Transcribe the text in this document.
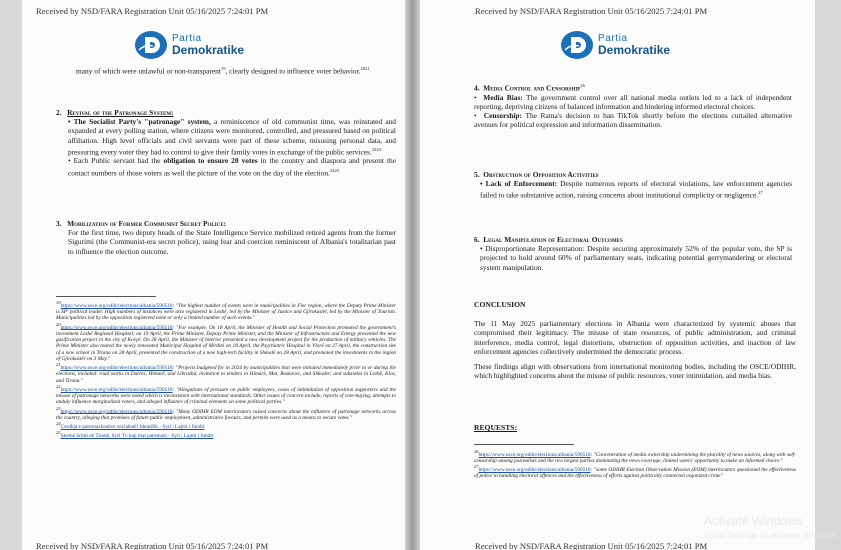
Received by NSD/FARA Registration Unit 05/16/2025 7:24:01 PM
Partia
Demokratike
many of which were unlawful or non-transparent$^{19}$, clearly designed to influence voter behavior.$^{2021}$

2. Revival of the Patronage System:

• The Socialist Party's "patronage" system, a reminiscence of old communist time, was reinstated and expanded at every polling station, where citizens were monitored, controlled, and pressured based on political affiliation. High level officials and civil servants were part of these scheme, misusing personal data, and pressuring every voter they had to control to give their family votes in exchange of the public services.$^{2223}$

• Each Public servant had the obligation to ensure 20 votes in the country and diaspora and present the contact numbers of those voters as well the picture of the vote on the day of the election.$^{2425}$

3. Mobilization of Former Communist Secret Police:

For the first time, two deputy heads of the State Intelligence Service mobilized retired agents from the former Sigurimi (the Communist-era secret police), using fear and coercion reminiscent of Albania's totalitarian past to influence the election outcome.

$^{19}$https://www.osce.org/odihr/elections/albania/590518: "The highest number of events were in municipalities in Fier region, where the Deputy Prime Minister is SP' political leader. High numbers of instances were also registered in Lezhë, led by the Minister of Justice and Gjirokastër, led by the Minister of Tourism. Municipalities led by the opposition registered none or only a limited number of such events."

$^{20}$https://www.osce.org/odihr/elections/albania/590518: "For example, On 18 April, the Minister of Health and Social Protection promoted the government's investment Lezhë Regional Hospital; on 19 April, the Prime Minister, Deputy Prime Minister, and the Minister of Infrastructure and Energy presented the new gasification project in the city of Korçë. On 28 April, the Minister of Interior presented a new development project for the production of military vehicles. The Prime Minister also toured the newly renovated Municipal Hospital of Mirditë on 18 April, the Psychiatric Hospital in Vlorë on 27 April, the construction site of a new school in Tirana on 28 April, presented the construction of a new high-tech facility in Shkodë on 28 April, and promoted the investments in the region of Gjirokastër on 3 May."

$^{21}$https://www.osce.org/odihr/elections/albania/590518: "Projects budgeted for in 2024 by municipalities that were initiated immediately prior to or during the elections, included: road works in Durres, Himarë, and Librazhd, invitation to tenders in Himarë, Mat, Roskovec, and Shkoder; and subsidies in Lezhë, Klos, and Tirana."

$^{22}$https://www.osce.org/odihr/elections/albania/590518: "Allegations of pressure on public employees, cases of intimidation of opposition supporters and the misuse of patronage networks were noted which is inconsistent with international standards. Other issues of concern include, reports of vote-buying, attempts to unduly influence marginalized voters, and alleged influence of criminal elements on some political parties."

$^{23}$https://www.osce.org/odihr/elections/albania/590518: "Many ODIHR EOM interlocutors raised concerns about the influence of patronage networks across the country, alleging that promises of future public employment, administrative favours, and permits were used as a means to secure votes."

$^{24}$Cerdhja e patronazhistëve socialistë! Identifik - Syri | Lajmi i fundit

$^{25}$Skemë krimi në Tiranë, Syri Tv kap mat patronazi - Syri | Lajmi i fundit

Received by NSD/FARA Registration Unit 05/16/2025 7:24:01 PM
Received by NSD/FARA Registration Unit 05/16/2025 7:24:01 PM
Partia
Demokratike

4. Media Control and Censorship$^{26}$

•  Media Bias: The government control over all national media outlets led to a lack of independent reporting, depriving citizens of balanced information and hindering informed electoral choices.

•  Censorship: The Rama's decision to ban TikTok shortly before the elections curtailed alternative avenues for political expression and information dissemination.

5. Obstruction of Opposition Activities

• Lack of Enforcement: Despite numerous reports of electoral violations, law enforcement agencies failed to take substantive action, raising concerns about institutional complicity or negligence.$^{27}$

6. Legal Manipulation of Electoral Outcomes

• Disproportionate Representation: Despite securing approximately 52% of the popular vote, the SP is projected to hold around 60% of parliamentary seats, indicating potential gerrymandering or electoral system manipulation.

CONCLUSION

The 11 May 2025 parliamentary elections in Albania were characterized by systemic abuses that compromised their legitimacy. The misuse of state resources, of public administration, and criminal interference, media control, legal distortions, obstruction of opposition activities, and inaction of law enforcement agencies collectively undermined the democratic process.

These findings align with observations from international monitoring bodies, including the OSCE/ODIHR, which highlighted concerns about the misuse of public resources, voter intimidation, and media bias.

REQUESTS:

$^{26}$https://www.osce.org/odihr/elections/albania/590518: "Concentration of media ownership undermining the plurality of news sources, along with self-censorship among journalists and the two largest parties dominating the news coverage, limited voters' opportunity to make an informed choice."

$^{27}$https://www.osce.org/odihr/elections/albania/590518: "some ODIHR Election Observation Mission (EOM) interlocutors questioned the effectiveness of police in handling electoral offences and the effectiveness of efforts against politically connected organized crime"

Received by NSD/FARA Registration Unit 05/16/2025 7:24:01 PM
Activate Windows
Go to Settings to activate Windows.
